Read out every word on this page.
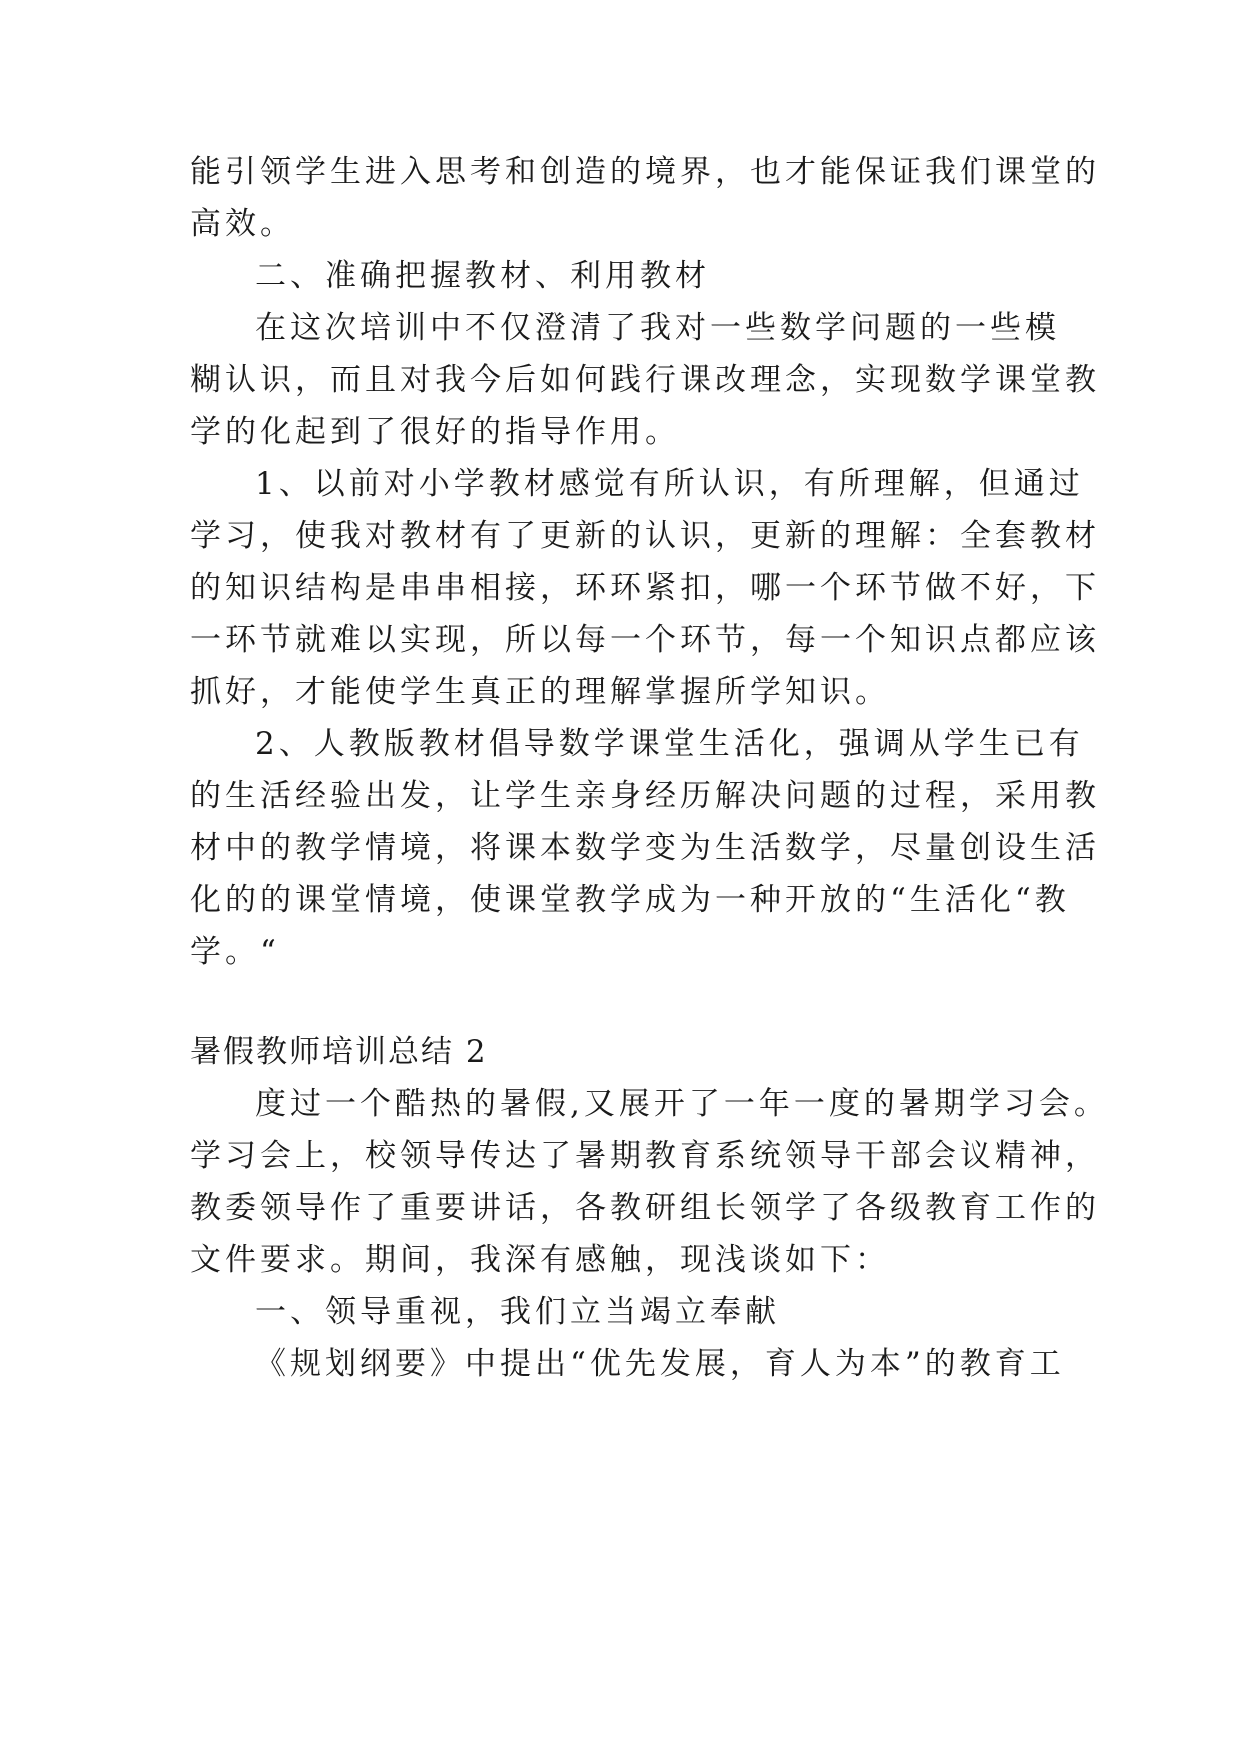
能引领学生进入思考和创造的境界，也才能保证我们课堂的
高效。
二、准确把握教材、利用教材
在这次培训中不仅澄清了我对一些数学问题的一些模
糊认识，而且对我今后如何践行课改理念，实现数学课堂教
学的化起到了很好的指导作用。
1、以前对小学教材感觉有所认识，有所理解，但通过
学习，使我对教材有了更新的认识，更新的理解：全套教材
的知识结构是串串相接，环环紧扣，哪一个环节做不好，下
一环节就难以实现，所以每一个环节，每一个知识点都应该
抓好，才能使学生真正的理解掌握所学知识。
2、人教版教材倡导数学课堂生活化，强调从学生已有
的生活经验出发，让学生亲身经历解决问题的过程，采用教
材中的教学情境，将课本数学变为生活数学，尽量创设生活
化的的课堂情境，使课堂教学成为一种开放的“生活化“教
学。“
暑假教师培训总结 2
度过一个酷热的暑假,又展开了一年一度的暑期学习会。
学习会上，校领导传达了暑期教育系统领导干部会议精神，
教委领导作了重要讲话，各教研组长领学了各级教育工作的
文件要求。期间，我深有感触，现浅谈如下：
一、领导重视，我们立当竭立奉献
《规划纲要》中提出“优先发展，育人为本”的教育工
